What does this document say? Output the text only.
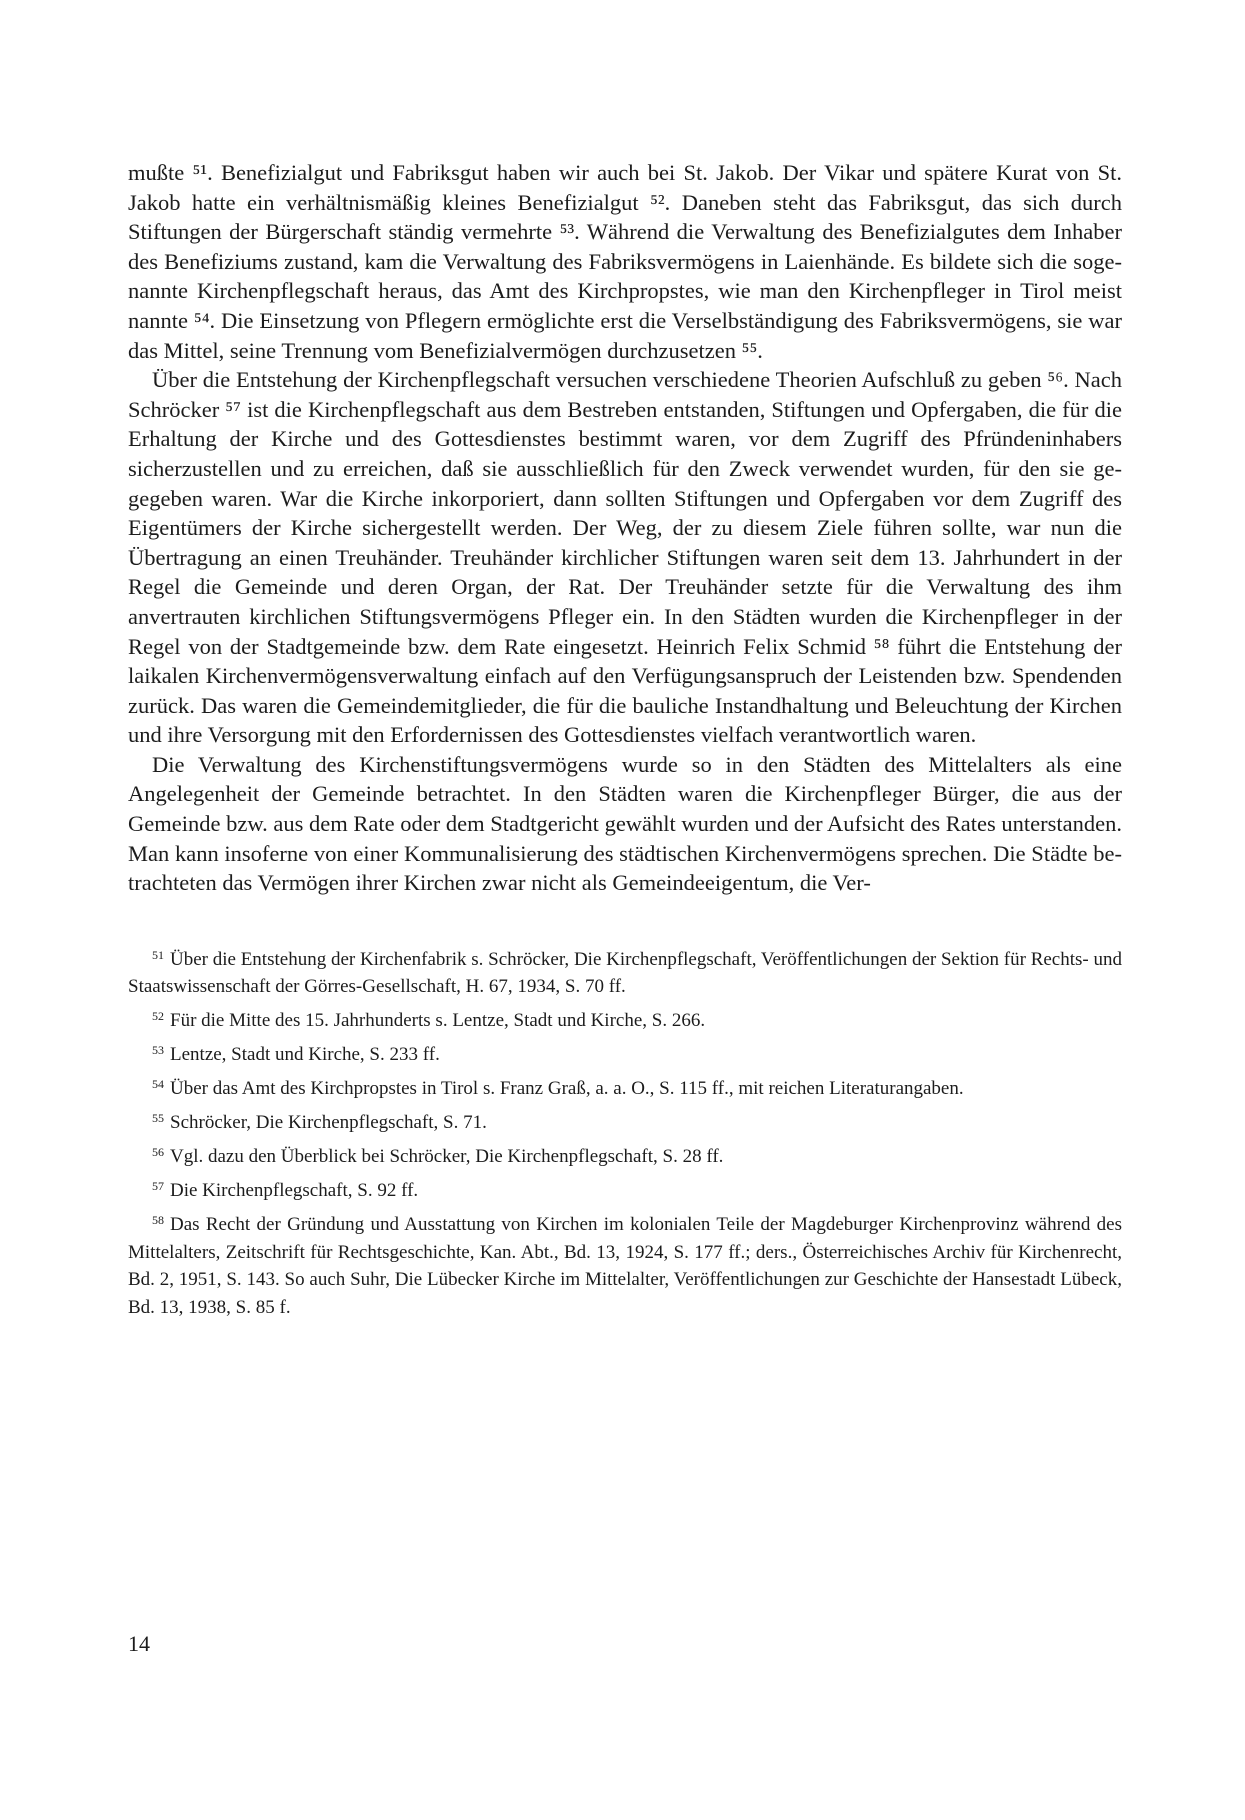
mußte ⁵¹. Benefizialgut und Fabriksgut haben wir auch bei St. Jakob. Der Vikar und spätere Kurat von St. Jakob hatte ein verhältnismäßig kleines Benefizialgut ⁵². Daneben steht das Fabriksgut, das sich durch Stiftungen der Bürgerschaft ständig vermehrte ⁵³. Während die Verwaltung des Benefizialgutes dem Inhaber des Benefiziums zustand, kam die Verwaltung des Fabriksvermögens in Laienhände. Es bildete sich die sogenannte Kirchenpflegschaft heraus, das Amt des Kirchpropstes, wie man den Kirchenpfleger in Tirol meist nannte ⁵⁴. Die Einsetzung von Pflegern ermöglichte erst die Verselbständigung des Fabriksvermögens, sie war das Mittel, seine Trennung vom Benefizialvermögen durchzusetzen ⁵⁵.

Über die Entstehung der Kirchenpflegschaft versuchen verschiedene Theorien Aufschluß zu geben ⁵⁶. Nach Schröcker ⁵⁷ ist die Kirchenpflegschaft aus dem Bestreben entstanden, Stiftungen und Opfergaben, die für die Erhaltung der Kirche und des Gottesdienstes bestimmt waren, vor dem Zugriff des Pfründeninhabers sicherzustellen und zu erreichen, daß sie ausschließlich für den Zweck verwendet wurden, für den sie gegegeben waren. War die Kirche inkorporiert, dann sollten Stiftungen und Opfergaben vor dem Zugriff des Eigentümers der Kirche sichergestellt werden. Der Weg, der zu diesem Ziele führen sollte, war nun die Übertragung an einen Treuhänder. Treuhänder kirchlicher Stiftungen waren seit dem 13. Jahrhundert in der Regel die Gemeinde und deren Organ, der Rat. Der Treuhänder setzte für die Verwaltung des ihm anvertrauten kirchlichen Stiftungsvermögens Pfleger ein. In den Städten wurden die Kirchenpfleger in der Regel von der Stadtgemeinde bzw. dem Rate eingesetzt. Heinrich Felix Schmid ⁵⁸ führt die Entstehung der laikalen Kirchenvermögensverwaltung einfach auf den Verfügungsanspruch der Leistenden bzw. Spendenden zurück. Das waren die Gemeindemitglieder, die für die bauliche Instandhaltung und Beleuchtung der Kirchen und ihre Versorgung mit den Erfordernissen des Gottesdienstes vielfach verantwortlich waren.

Die Verwaltung des Kirchenstiftungsvermögens wurde so in den Städten des Mittelalters als eine Angelegenheit der Gemeinde betrachtet. In den Städten waren die Kirchenpfleger Bürger, die aus der Gemeinde bzw. aus dem Rate oder dem Stadtgericht gewählt wurden und der Aufsicht des Rates unterstanden. Man kann insoferne von einer Kommunalisierung des städtischen Kirchenvermögens sprechen. Die Städte betrachteten das Vermögen ihrer Kirchen zwar nicht als Gemeindeeigentum, die Ver-

$^{51}$ Über die Entstehung der Kirchenfabrik s. Schröcker, Die Kirchenpflegschaft, Veröffentlichungen der Sektion für Rechts- und Staatswissenschaft der Görres-Gesellschaft, H. 67, 1934, S. 70 ff.

$^{52}$ Für die Mitte des 15. Jahrhunderts s. Lentze, Stadt und Kirche, S. 266.

$^{53}$ Lentze, Stadt und Kirche, S. 233 ff.

$^{54}$ Über das Amt des Kirchpropstes in Tirol s. Franz Graß, a. a. O., S. 115 ff., mit reichen Literaturangaben.

$^{55}$ Schröcker, Die Kirchenpflegschaft, S. 71.

$^{56}$ Vgl. dazu den Überblick bei Schröcker, Die Kirchenpflegschaft, S. 28 ff.

$^{57}$ Die Kirchenpflegschaft, S. 92 ff.

$^{58}$ Das Recht der Gründung und Ausstattung von Kirchen im kolonialen Teile der Magdeburger Kirchenprovinz während des Mittelalters, Zeitschrift für Rechtsgeschichte, Kan. Abt., Bd. 13, 1924, S. 177 ff.; ders., Österreichisches Archiv für Kirchenrecht, Bd. 2, 1951, S. 143. So auch Suhr, Die Lübecker Kirche im Mittelalter, Veröffentlichungen zur Geschichte der Hansestadt Lübeck, Bd. 13, 1938, S. 85 f.

14
